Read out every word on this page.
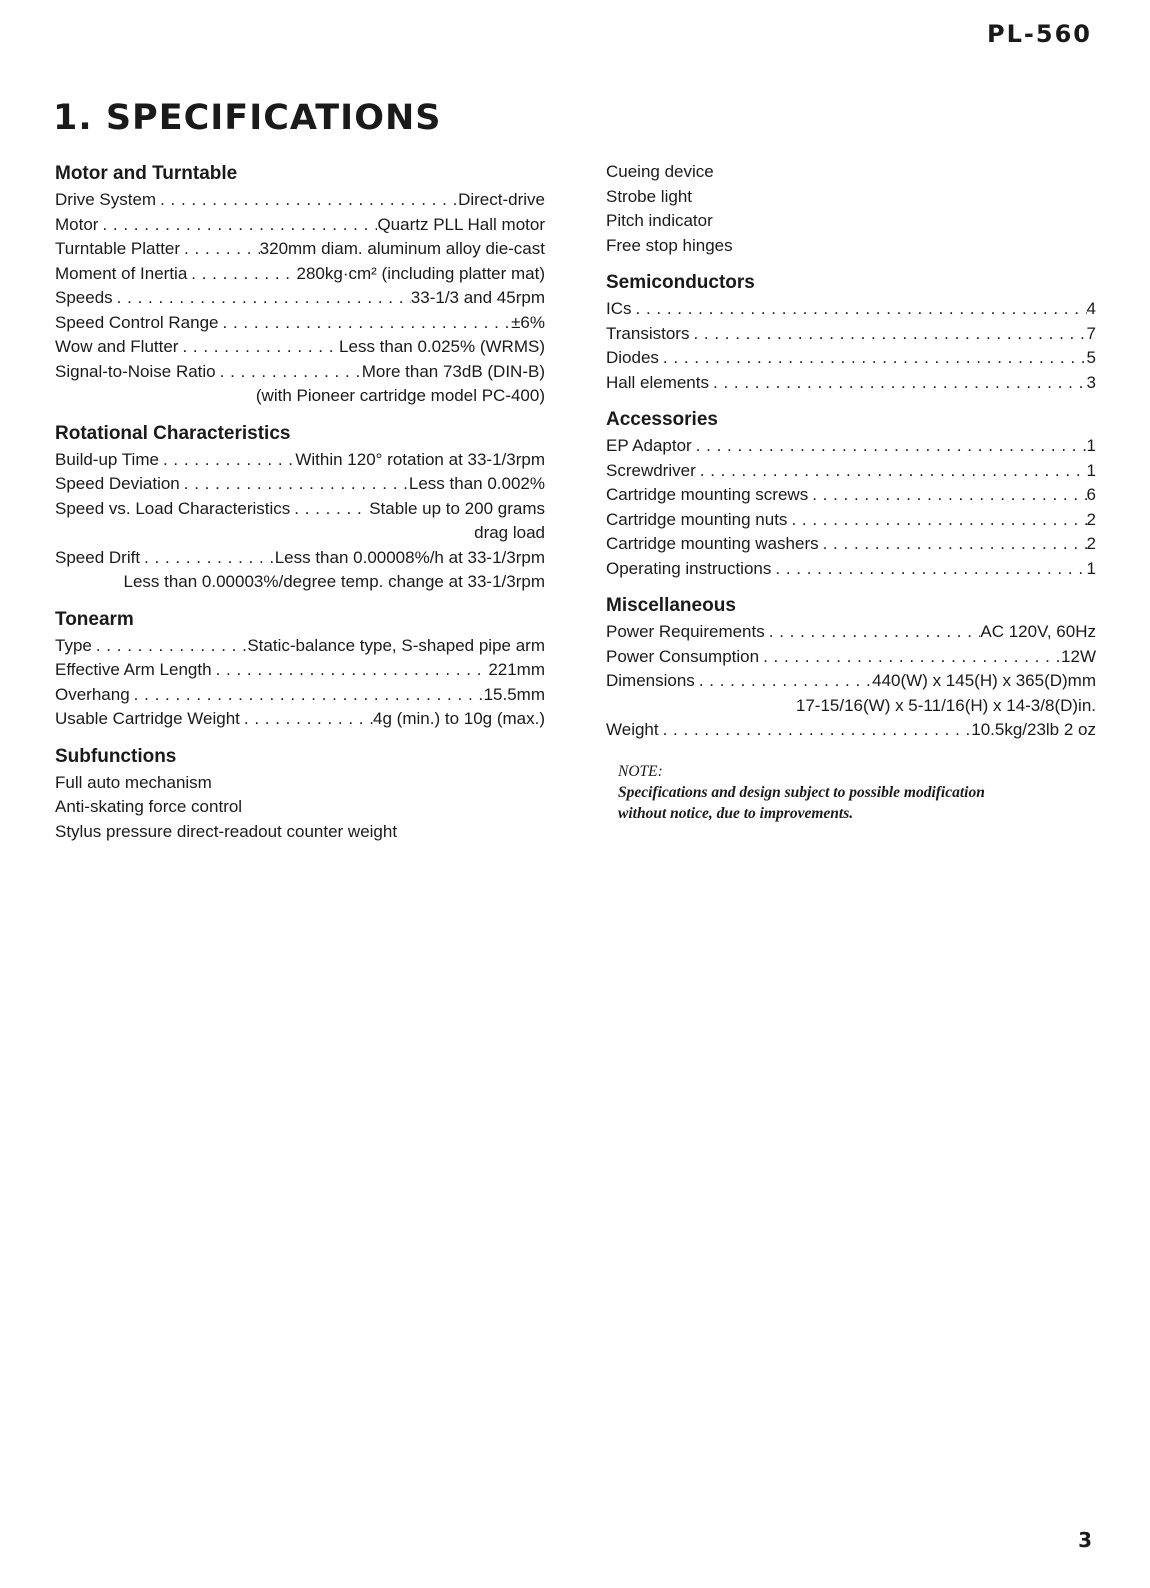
PL-560
1. SPECIFICATIONS
Motor and Turntable
Drive System . . .	Direct-drive
Motor . . .	Quartz PLL Hall motor
Turntable Platter . . .	320mm diam. aluminum alloy die-cast
Moment of Inertia . . .	280kg·cm² (including platter mat)
Speeds . . .	33-1/3 and 45rpm
Speed Control Range . . .	±6%
Wow and Flutter . . .	Less than 0.025% (WRMS)
Signal-to-Noise Ratio . . .	More than 73dB (DIN-B)
(with Pioneer cartridge model PC-400)
Rotational Characteristics
Build-up Time . . .	Within 120° rotation at 33-1/3rpm
Speed Deviation . . .	Less than 0.002%
Speed vs. Load Characteristics . . .	Stable up to 200 grams
drag load
Speed Drift . . .	Less than 0.00008%/h at 33-1/3rpm
Less than 0.00003%/degree temp. change at 33-1/3rpm
Tonearm
Type . . .	Static-balance type, S-shaped pipe arm
Effective Arm Length . . .	221mm
Overhang . . .	15.5mm
Usable Cartridge Weight . . .	4g (min.) to 10g (max.)
Subfunctions
Full auto mechanism
Anti-skating force control
Stylus pressure direct-readout counter weight
Cueing device
Strobe light
Pitch indicator
Free stop hinges
Semiconductors
ICs . . .	4
Transistors . . .	7
Diodes . . .	5
Hall elements . . .	3
Accessories
EP Adaptor . . .	1
Screwdriver . . .	1
Cartridge mounting screws . . .	6
Cartridge mounting nuts . . .	2
Cartridge mounting washers . . .	2
Operating instructions . . .	1
Miscellaneous
Power Requirements . . .	AC 120V, 60Hz
Power Consumption . . .	12W
Dimensions . . .	440(W) x 145(H) x 365(D)mm
17-15/16(W) x 5-11/16(H) x 14-3/8(D)in.
Weight . . .	10.5kg/23lb 2 oz
NOTE:
Specifications and design subject to possible modification
without notice, due to improvements.
3
